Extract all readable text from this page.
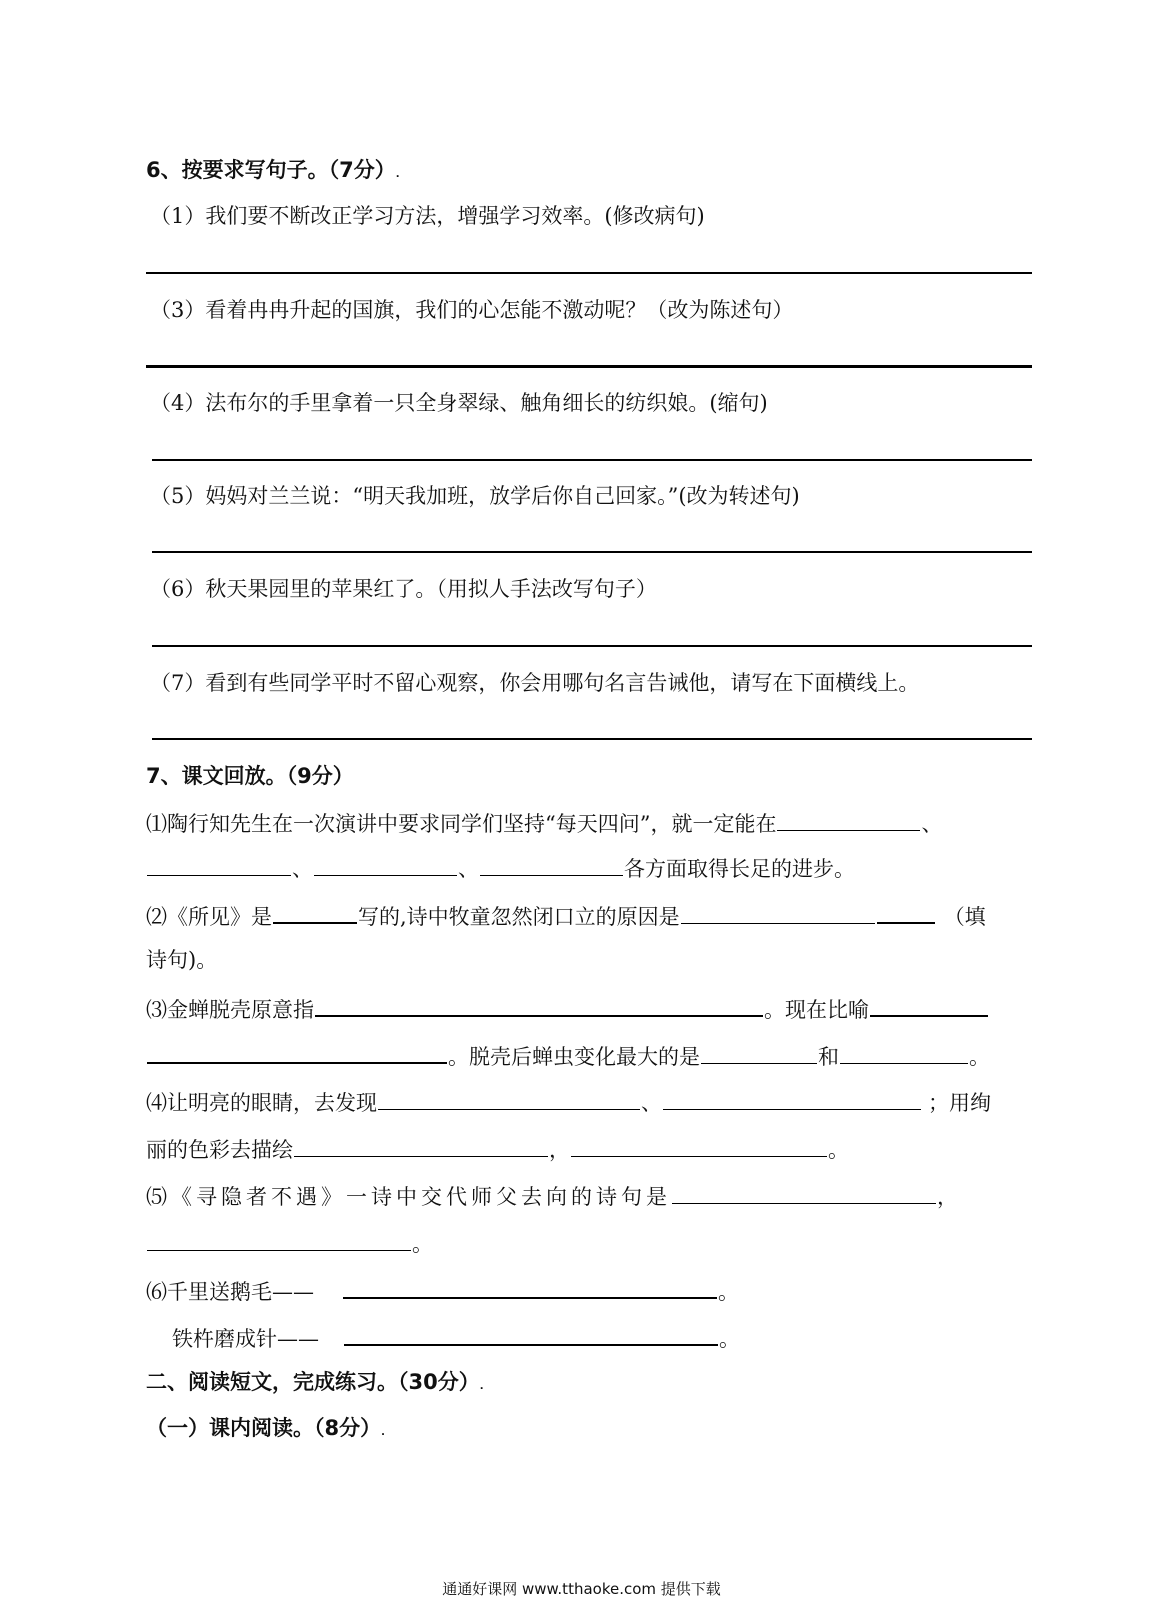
6、按要求写句子。（7分）.
（1）我们要不断改正学习方法，增强学习效率。(修改病句)
（3）看着冉冉升起的国旗，我们的心怎能不激动呢？（改为陈述句）
（4）法布尔的手里拿着一只全身翠绿、触角细长的纺织娘。(缩句)
（5）妈妈对兰兰说：“明天我加班，放学后你自己回家。”(改为转述句)
（6）秋天果园里的苹果红了。（用拟人手法改写句子）
（7）看到有些同学平时不留心观察，你会用哪句名言告诫他，请写在下面横线上。
7、课文回放。（9分）
⑴陶行知先生在一次演讲中要求同学们坚持“每天四问”，就一定能在	、
、	、	各方面取得长足的进步。
⑵《所见》是	写的,诗中牧童忽然闭口立的原因是	（填
诗句)。
⑶金蝉脱壳原意指	。现在比喻
。脱壳后蝉虫变化最大的是	和	。
⑷让明亮的眼睛，去发现	、	；用绚
丽的色彩去描绘	，	。
⑸《寻隐者不遇》一诗中交代师父去向的诗句是	，
。
⑹千里送鹅毛——	。
铁杵磨成针——	。
二、阅读短文，完成练习。（30分）.
（一）课内阅读。（8分）.
通通好课网 www.tthaoke.com 提供下载
